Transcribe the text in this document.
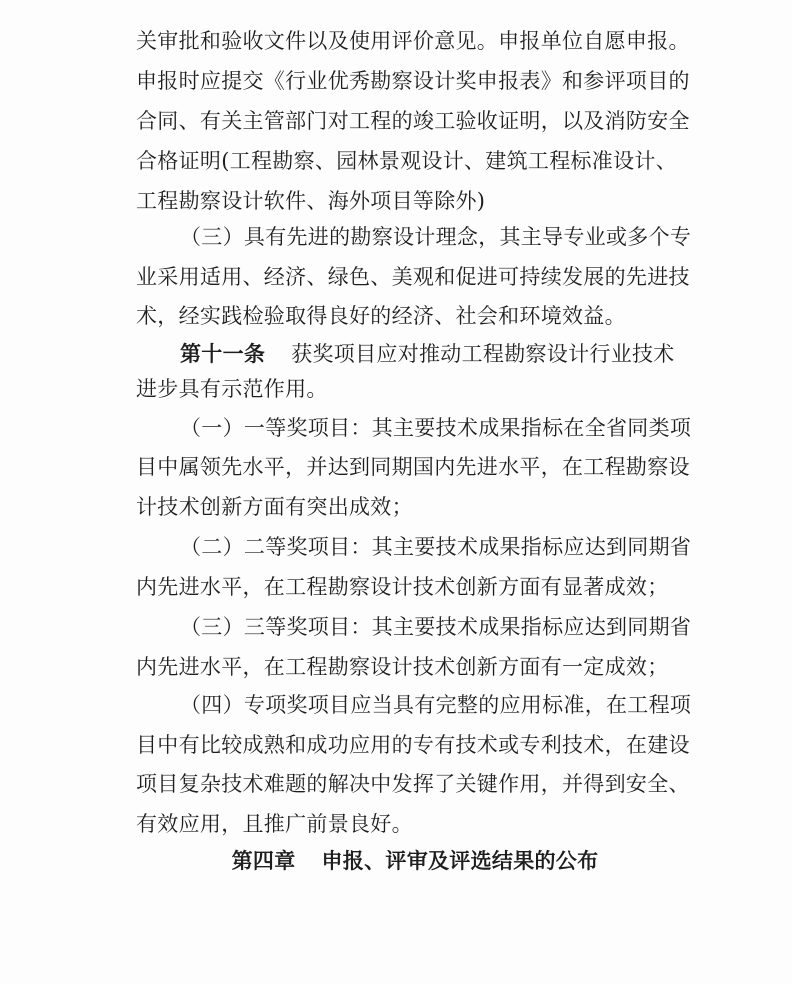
关审批和验收文件以及使用评价意见。申报单位自愿申报。
申报时应提交《行业优秀勘察设计奖申报表》和参评项目的
合同、有关主管部门对工程的竣工验收证明，以及消防安全
合格证明(工程勘察、园林景观设计、建筑工程标准设计、
工程勘察设计软件、海外项目等除外)
（三）具有先进的勘察设计理念，其主导专业或多个专
业采用适用、经济、绿色、美观和促进可持续发展的先进技
术，经实践检验取得良好的经济、社会和环境效益。
第十一条 获奖项目应对推动工程勘察设计行业技术
进步具有示范作用。
（一）一等奖项目：其主要技术成果指标在全省同类项
目中属领先水平，并达到同期国内先进水平，在工程勘察设
计技术创新方面有突出成效；
（二）二等奖项目：其主要技术成果指标应达到同期省
内先进水平，在工程勘察设计技术创新方面有显著成效；
（三）三等奖项目：其主要技术成果指标应达到同期省
内先进水平，在工程勘察设计技术创新方面有一定成效；
（四）专项奖项目应当具有完整的应用标准，在工程项
目中有比较成熟和成功应用的专有技术或专利技术，在建设
项目复杂技术难题的解决中发挥了关键作用，并得到安全、
有效应用，且推广前景良好。
第四章 申报、评审及评选结果的公布
